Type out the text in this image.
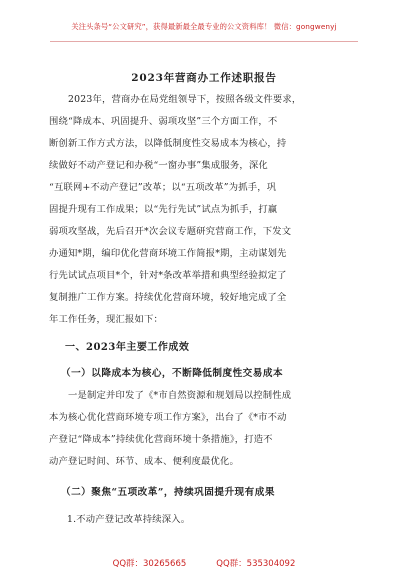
关注头条号“公文研究”，获得最新最全最专业的公文资料库！ 微信：gongwenyj
2023年营商办工作述职报告
2023年，营商办在局党组领导下，按照各级文件要求，
围绕“降成本、巩固提升、弱项攻坚”三个方面工作，不
断创新工作方式方法，以降低制度性交易成本为核心，持
续做好不动产登记和办税“一窗办事”集成服务，深化
“互联网+不动产登记”改革；以“五项改革”为抓手，巩
固提升现有工作成果；以“先行先试”试点为抓手，打赢
弱项攻坚战，先后召开*次会议专题研究营商工作，下发文
办通知*期，编印优化营商环境工作简报*期，主动谋划先
行先试试点项目*个，针对*条改革举措和典型经验拟定了
复制推广工作方案。持续优化营商环境，较好地完成了全
年工作任务，现汇报如下：
一、2023年主要工作成效
（一）以降成本为核心，不断降低制度性交易成本
一是制定并印发了《*市自然资源和规划局以控制性成
本为核心优化营商环境专项工作方案》，出台了《*市不动
产登记“降成本”持续优化营商环境十条措施》，打造不
动产登记时间、环节、成本、便利度最优化。
（二）聚焦“五项改革”，持续巩固提升现有成果
1.不动产登记改革持续深入。
QQ群：30265665	QQ群：535304092
